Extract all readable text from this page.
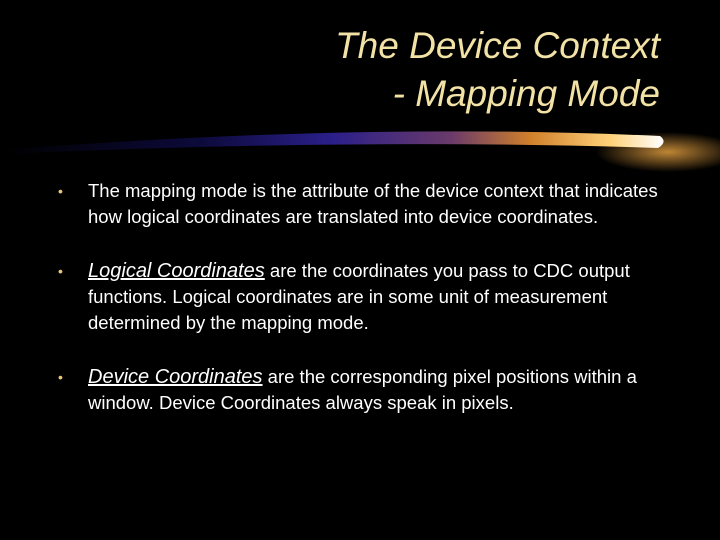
The Device Context
- Mapping Mode
• The mapping mode is the attribute of the device context that indicates how logical coordinates are translated into device coordinates.
• Logical Coordinates are the coordinates you pass to CDC output functions. Logical coordinates are in some unit of measurement determined by the mapping mode.
• Device Coordinates are the corresponding pixel positions within a window. Device Coordinates always speak in pixels.
